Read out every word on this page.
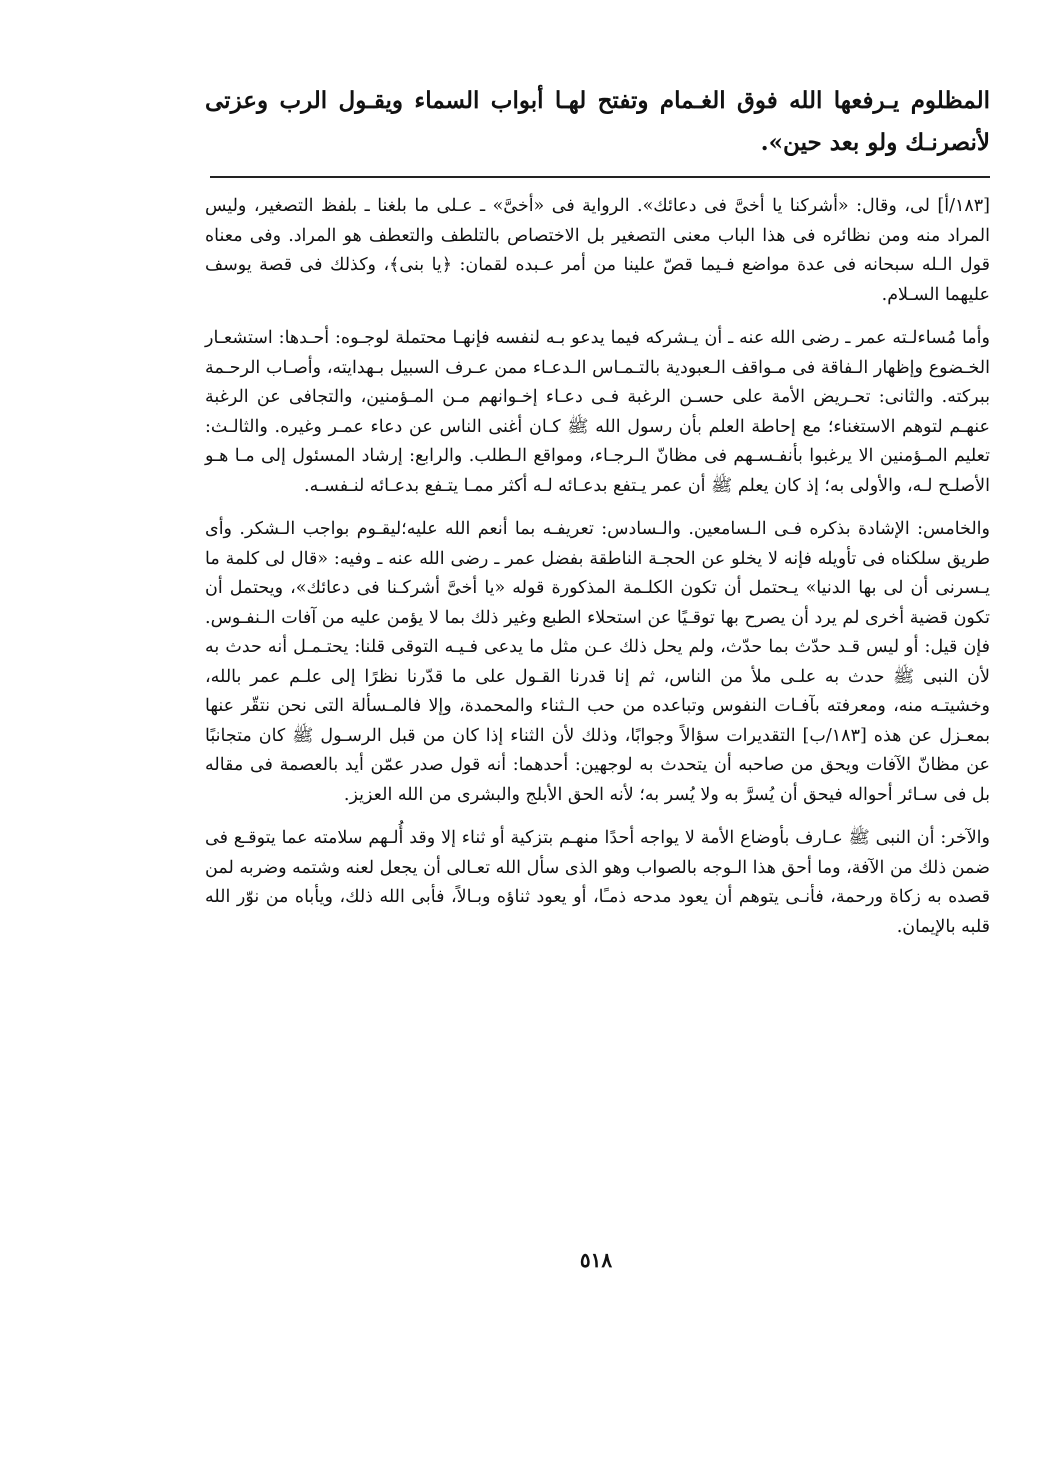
المظلوم يـرفعها الله فوق الغـمام وتفتح لهـا أبواب السماء ويقـول الرب وعزتى لأنصرنـك ولو بعد حين».

[١٨٣/أ] لى، وقال: «أشركنا يا أخىَّ فى دعائك». الرواية فى «أخىَّ» ـ عـلى ما بلغنا ـ بلفظ التصغير، وليس المراد منه ومن نظائره فى هذا الباب معنى التصغير بل الاختصاص بالتلطف والتعطف هو المراد. وفى معناه قول الـله سبحانه فى عدة مواضع فـيما قصّ علينا من أمر عـبده لقمان: ﴿يا بنى﴾، وكذلك فى قصة يوسف عليهما السـلام.

وأما مُساءلـته عمر ـ رضى الله عنه ـ أن يـشركه فيما يدعو بـه لنفسه فإنهـا محتملة لوجـوه: أحـدها: استشعـار الخـضوع وإظهار الـفاقة فى مـواقف الـعبودية بالتـمـاس الـدعـاء ممن عـرف السبيل بـهدايته، وأصـاب الرحـمة ببركته. والثانى: تحـريض الأمة على حسـن الرغبة فـى دعـاء إخـوانهم مـن المـؤمنين، والتجافى عن الرغبة عنهـم لتوهم الاستغناء؛ مع إحاطة العلم بأن رسول الله ﷺ كـان أغنى الناس عن دعاء عمـر وغيره. والثالـث: تعليم المـؤمنين الا يرغبوا بأنفـسـهم فى مظانّ الـرجـاء، ومواقع الـطلب. والرابع: إرشاد المسئول إلى مـا هـو الأصلـح لـه، والأولى به؛ إذ كان يعلم ﷺ أن عمر يـتفع بدعـائه لـه أكثر ممـا يتـفع بدعـائه لنـفسـه.

والخامس: الإشادة بذكره فـى الـسامعين. والـسادس: تعريفـه بما أنعم الله عليه؛ليقـوم بواجب الـشكر. وأى طريق سلكناه فى تأويله فإنه لا يخلو عن الحجـة الناطقة بفضل عمر ـ رضى الله عنه ـ وفيه: «قال لى كلمة ما يـسرنى أن لى بها الدنيا» يـحتمل أن تكون الكلـمة المذكورة قوله «يا أخىَّ أشركـنا فى دعائك»، ويحتمل أن تكون قضية أخرى لم يرد أن يصرح بها توقـيًا عن استحلاء الطبع وغير ذلك بما لا يؤمن عليه من آفات الـنفـوس. فإن قيل: أو ليس قـد حدّث بما حدّث، ولم يحل ذلك عـن مثل ما يدعى فـيـه التوقى قلنا: يحتـمـل أنه حدث به لأن النبى ﷺ حدث به علـى ملأ من الناس، ثم إنا قدرنا القـول على ما قدّرنا نظرًا إلى علـم عمر بالله، وخشيتـه منه، ومعرفته بآفـات النفوس وتباعده من حب الـثناء والمحمدة، وإلا فالمـسألة التى نحن نتقّر عنها بمعـزل عن هذه [١٨٣/ب] التقديرات سؤالاً وجوابًا، وذلك لأن الثناء إذا كان من قبل الرسـول ﷺ كان متجانبًا عن مظانّ الآفات ويحق من صاحبه أن يتحدث به لوجهين: أحدهما: أنه قول صدر عمّن أيد بالعصمة فى مقاله بل فى سـائر أحواله فيحق أن يُسرَّ به ولا يُسر به؛ لأنه الحق الأبلج والبشرى من الله العزيز.

والآخر: أن النبى ﷺ عـارف بأوضاع الأمة لا يواجه أحدًا منهـم بتزكية أو ثناء إلا وقد أُلـهم سلامته عما يتوقـع فى ضمن ذلك من الآفة، وما أحق هذا الـوجه بالصواب وهو الذى سأل الله تعـالى أن يجعل لعنه وشتمه وضربه لمن قصده به زكاة ورحمة، فأنـى يتوهم أن يعود مدحه ذمـًا، أو يعود ثناؤه وبـالاً، فأبى الله ذلك، ويأباه من نوّر الله قلبه بالإيمان.

٥١٨
